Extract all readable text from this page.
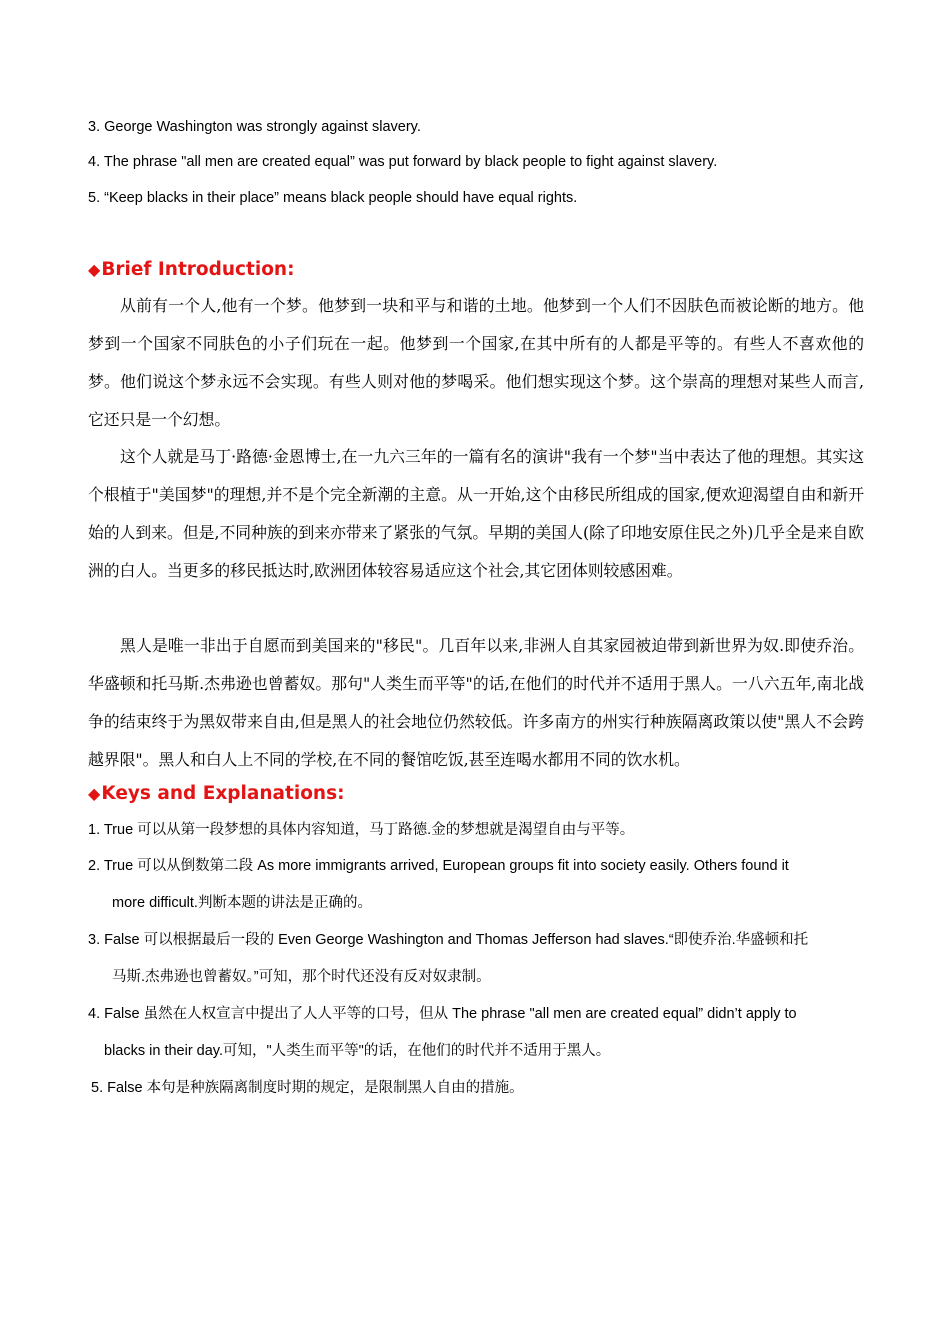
3. George Washington was strongly against slavery.
4. The phrase "all men are created equal” was put forward by black people to fight against slavery.
5. “Keep blacks in their place” means black people should have equal rights.
◆Brief Introduction:

从前有一个人,他有一个梦。他梦到一块和平与和谐的土地。他梦到一个人们不因肤色而被论断的地方。他梦到一个国家不同肤色的小子们玩在一起。他梦到一个国家,在其中所有的人都是平等的。有些人不喜欢他的梦。他们说这个梦永远不会实现。有些人则对他的梦喝采。他们想实现这个梦。这个崇高的理想对某些人而言,它还只是一个幻想。

这个人就是马丁·路德·金恩博士,在一九六三年的一篇有名的演讲"我有一个梦"当中表达了他的理想。其实这个根植于"美国梦"的理想,并不是个完全新潮的主意。从一开始,这个由移民所组成的国家,便欢迎渴望自由和新开始的人到来。但是,不同种族的到来亦带来了紧张的气氛。早期的美国人(除了印地安原住民之外)几乎全是来自欧洲的白人。当更多的移民抵达时,欧洲团体较容易适应这个社会,其它团体则较感困难。

黑人是唯一非出于自愿而到美国来的"移民"。几百年以来,非洲人自其家园被迫带到新世界为奴.即使乔治。华盛顿和托马斯.杰弗逊也曾蓄奴。那句"人类生而平等"的话,在他们的时代并不适用于黑人。一八六五年,南北战争的结束终于为黑奴带来自由,但是黑人的社会地位仍然较低。许多南方的州实行种族隔离政策以使"黑人不会跨越界限"。黑人和白人上不同的学校,在不同的餐馆吃饭,甚至连喝水都用不同的饮水机。

◆Keys and Explanations:
1. True 可以从第一段梦想的具体内容知道，马丁路德.金的梦想就是渴望自由与平等。
2. True 可以从倒数第二段 As more immigrants arrived, European groups fit into society easily. Others found it
more difficult.判断本题的讲法是正确的。
3. False 可以根据最后一段的 Even George Washington and Thomas Jefferson had slaves.“即使乔治.华盛顿和托
马斯.杰弗逊也曾蓄奴。”可知，那个时代还没有反对奴隶制。
4. False 虽然在人权宣言中提出了人人平等的口号，但从 The phrase "all men are created equal” didn’t apply to
blacks in their day.可知，"人类生而平等"的话，在他们的时代并不适用于黑人。
5. False 本句是种族隔离制度时期的规定，是限制黑人自由的措施。
